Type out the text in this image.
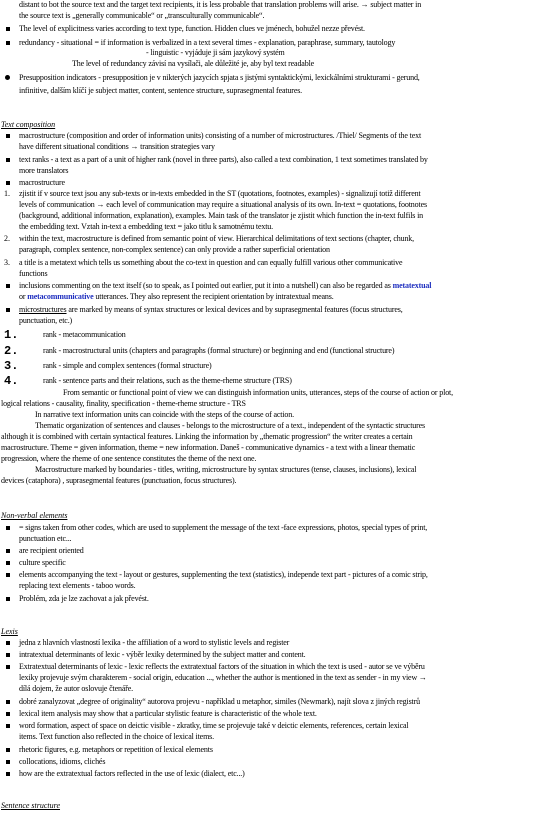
distant to bot the source text and the target text recipients, it is less probable that translation problems will arise. → subject matter in
the source text is „generally communicable“ or „transculturally communicable“.
The level of explicitness varies according to text type, function. Hidden clues ve jménech, bohužel nezze převést.
redundancy - situational = if information is verbalized in a text several times - explanation, paraphrase, summary, tautology
- linguistic - vyjáduje ji sám jazykový systém
The level of redundancy závisí na vysílači, ale důležité je, aby byl text readable
Presupposition indicators - presupposition je v nikterých jazycích spjata s jistými syntaktickými, lexickálními strukturami - gerund,
infinitive, dalším klíčí je subject matter, content, sentence structure, suprasegmental features.
Text composition
macrostructure (composition and order of information units) consisting of a number of microstructures. /Thiel/ Segments of the text
have different situational conditions → transition strategies vary
text ranks - a text as a part of a unit of higher rank (novel in three parts), also called a text combination, 1 text sometimes translated by
more translators
macrostructure
1. zjistit if v source text jsou any sub-texts or in-texts embedded in the ST (quotations, footnotes, examples) - signalizují totiž different
levels of communication → each level of communication may require a situational analysis of its own. In-text = quotations, footnotes
(background, additional information, explanation), examples. Main task of the translator je zjistit which function the in-text fulfils in
the embedding text. Vztah in-text a embedding text = jako titlu k samotnému textu.
2. within the text, macrostructure is defined from semantic point of view. Hierarchical delimitations of text sections (chapter, chunk,
paragraph, complex sentence, non-complex sentence) can only provide a rather superficial orientation
3. a title is a metatext which tells us something about the co-text in question and can equally fulfill various other communicative
functions
inclusions commenting on the text itself (so to speak, as I pointed out earlier, put it into a nutshell) can also be regarded as metatextual
or metacommunicative utterances. They also represent the recipient orientation by intratextual means.
microstructures are marked by means of syntax structures or lexical devices and by suprasegmental features (focus structures,
punctuation, etc.)
1.	rank - metacommunication
2.	rank - macrostructural units (chapters and paragraphs (formal structure) or beginning and end (functional structure)
3.	rank - simple and complex sentences (formal structure)
4.	rank - sentence parts and their relations, such as the theme-rheme structure (TRS)
From semantic or functional point of view we can distinguish information units, utterances, steps of the course of action or plot,
logical relations - causality, finality, specification - theme-rheme structure - TRS
In narrative text information units can coincide with the steps of the course of action.
Thematic organization of sentences and clauses - belongs to the microstructure of a text., independent of the syntactic structures
although it is combined with certain syntactical features. Linking the information by „thematic progression“ the writer creates a certain
macrostructure. Theme = given information, theme = new information. Daneš - communicative dynamics - a text with a linear thematic
progression, where the rheme of one sentence constitutes the theme of the next one.
Macrostructure marked by boundaries - titles, writing, microstructure by syntax structures (tense, clauses, inclusions), lexical
devices (cataphora) , suprasegmental features (punctuation, focus structures).
Non-verbal elements
= signs taken from other codes, which are used to supplement the message of the text -face expressions, photos, special types of print,
punctuation etc...
are recipient oriented
culture specific
elements accompanying the text - layout or gestures, supplementing the text (statistics), independe text part - pictures of a comic strip,
replacing text elements - taboo words.
Problém, zda je lze zachovat a jak převést.
Lexis
jedna z hlavních vlastností lexika - the affiliation of a word to stylistic levels and register
intratextual determinants of lexic - výběr lexiky determined by the subject matter and content.
Extratextual determinants of lexic - lexic reflects the extratextual factors of the situation in which the text is used - autor se ve výběru
lexiky projevuje svým charakterem - social origin, education ..., whether the author is mentioned in the text as sender - in my view →
dílá dojem, že autor oslovuje čtenáře.
dobré zanalyzovat „degree of originality“ autorova projevu - například u metaphor, similes (Newmark), najít slova z jiných registrů
lexical item analysis may show that a particular stylistic feature is characteristic of the whole text.
word formation, aspect of space on deictic visible - zkratky, time se projevuje také v deictic elements, references, certain lexical
items. Text function also reflected in the choice of lexical items.
rhetoric figures, e.g. metaphors or repetition of lexical elements
collocations, idioms, clichés
how are the extratextual factors reflected in the use of lexic (dialect, etc...)
Sentence structure
